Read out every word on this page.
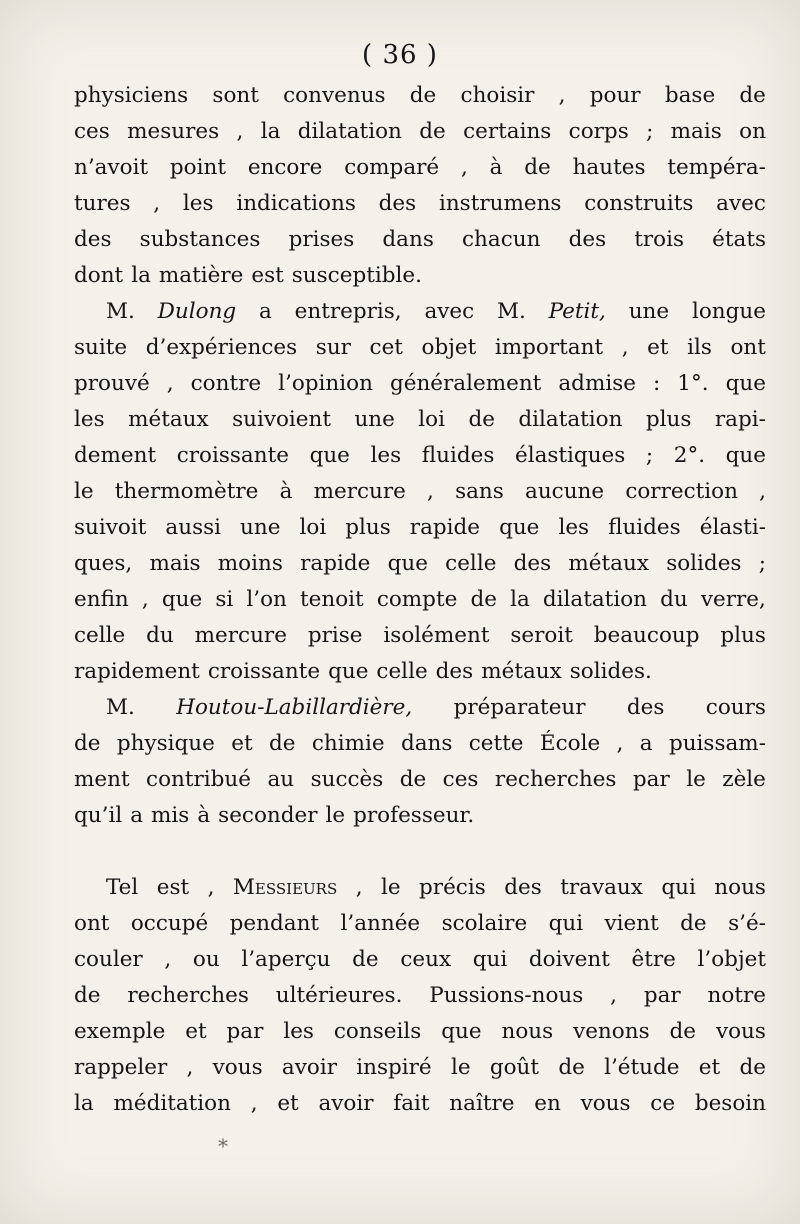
( 36 )
physiciens sont convenus de choisir , pour base de
ces mesures , la dilatation de certains corps ; mais on
n’avoit point encore comparé , à de hautes tempéra-
tures , les indications des instrumens construits avec
des substances prises dans chacun des trois états
dont la matière est susceptible.
M. Dulong a entrepris, avec M. Petit, une longue
suite d’expériences sur cet objet important , et ils ont
prouvé , contre l’opinion généralement admise : 1°. que
les métaux suivoient une loi de dilatation plus rapi-
dement croissante que les fluides élastiques ; 2°. que
le thermomètre à mercure , sans aucune correction ,
suivoit aussi une loi plus rapide que les fluides élasti-
ques, mais moins rapide que celle des métaux solides ;
enfin , que si l’on tenoit compte de la dilatation du verre,
celle du mercure prise isolément seroit beaucoup plus
rapidement croissante que celle des métaux solides.
M. Houtou-Labillardière, préparateur des cours
de physique et de chimie dans cette École , a puissam-
ment contribué au succès de ces recherches par le zèle
qu’il a mis à seconder le professeur.
Tel est , Messieurs , le précis des travaux qui nous
ont occupé pendant l’année scolaire qui vient de s’é-
couler , ou l’aperçu de ceux qui doivent être l’objet
de recherches ultérieures. Pussions-nous , par notre
exemple et par les conseils que nous venons de vous
rappeler , vous avoir inspiré le goût de l’étude et de
la méditation , et avoir fait naître en vous ce besoin
*
